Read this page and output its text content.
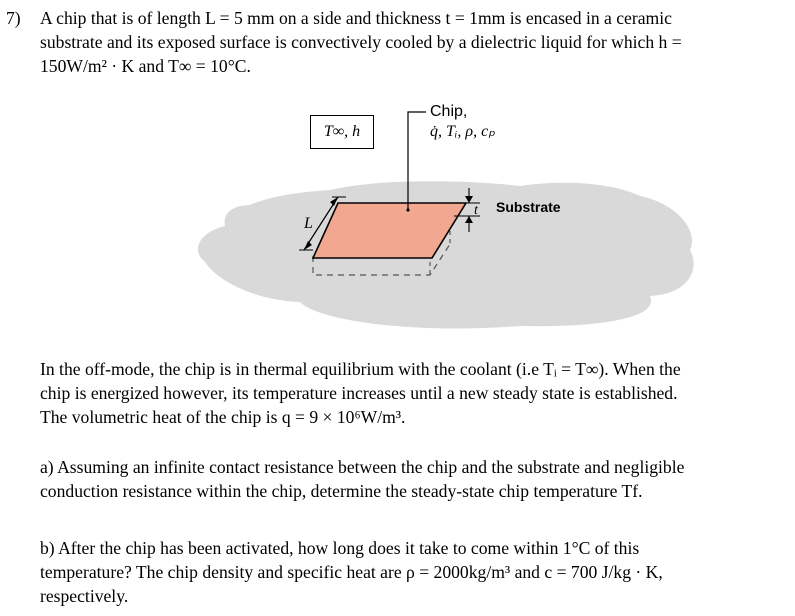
7) A chip that is of length L = 5 mm on a side and thickness t = 1mm is encased in a ceramic
substrate and its exposed surface is convectively cooled by a dielectric liquid for which h =
150W/m² · K and T∞ = 10°C.
L
t Substrate
T∞, h
Chip,
q̇, Tᵢ, ρ, cₚ
In the off-mode, the chip is in thermal equilibrium with the coolant (i.e Tᵢ = T∞). When the
chip is energized however, its temperature increases until a new steady state is established.
The volumetric heat of the chip is q = 9 × 10⁶W/m³.
a) Assuming an infinite contact resistance between the chip and the substrate and negligible
conduction resistance within the chip, determine the steady-state chip temperature Tf.
b) After the chip has been activated, how long does it take to come within 1°C of this
temperature? The chip density and specific heat are ρ = 2000kg/m³ and c = 700 J/kg · K,
respectively.
